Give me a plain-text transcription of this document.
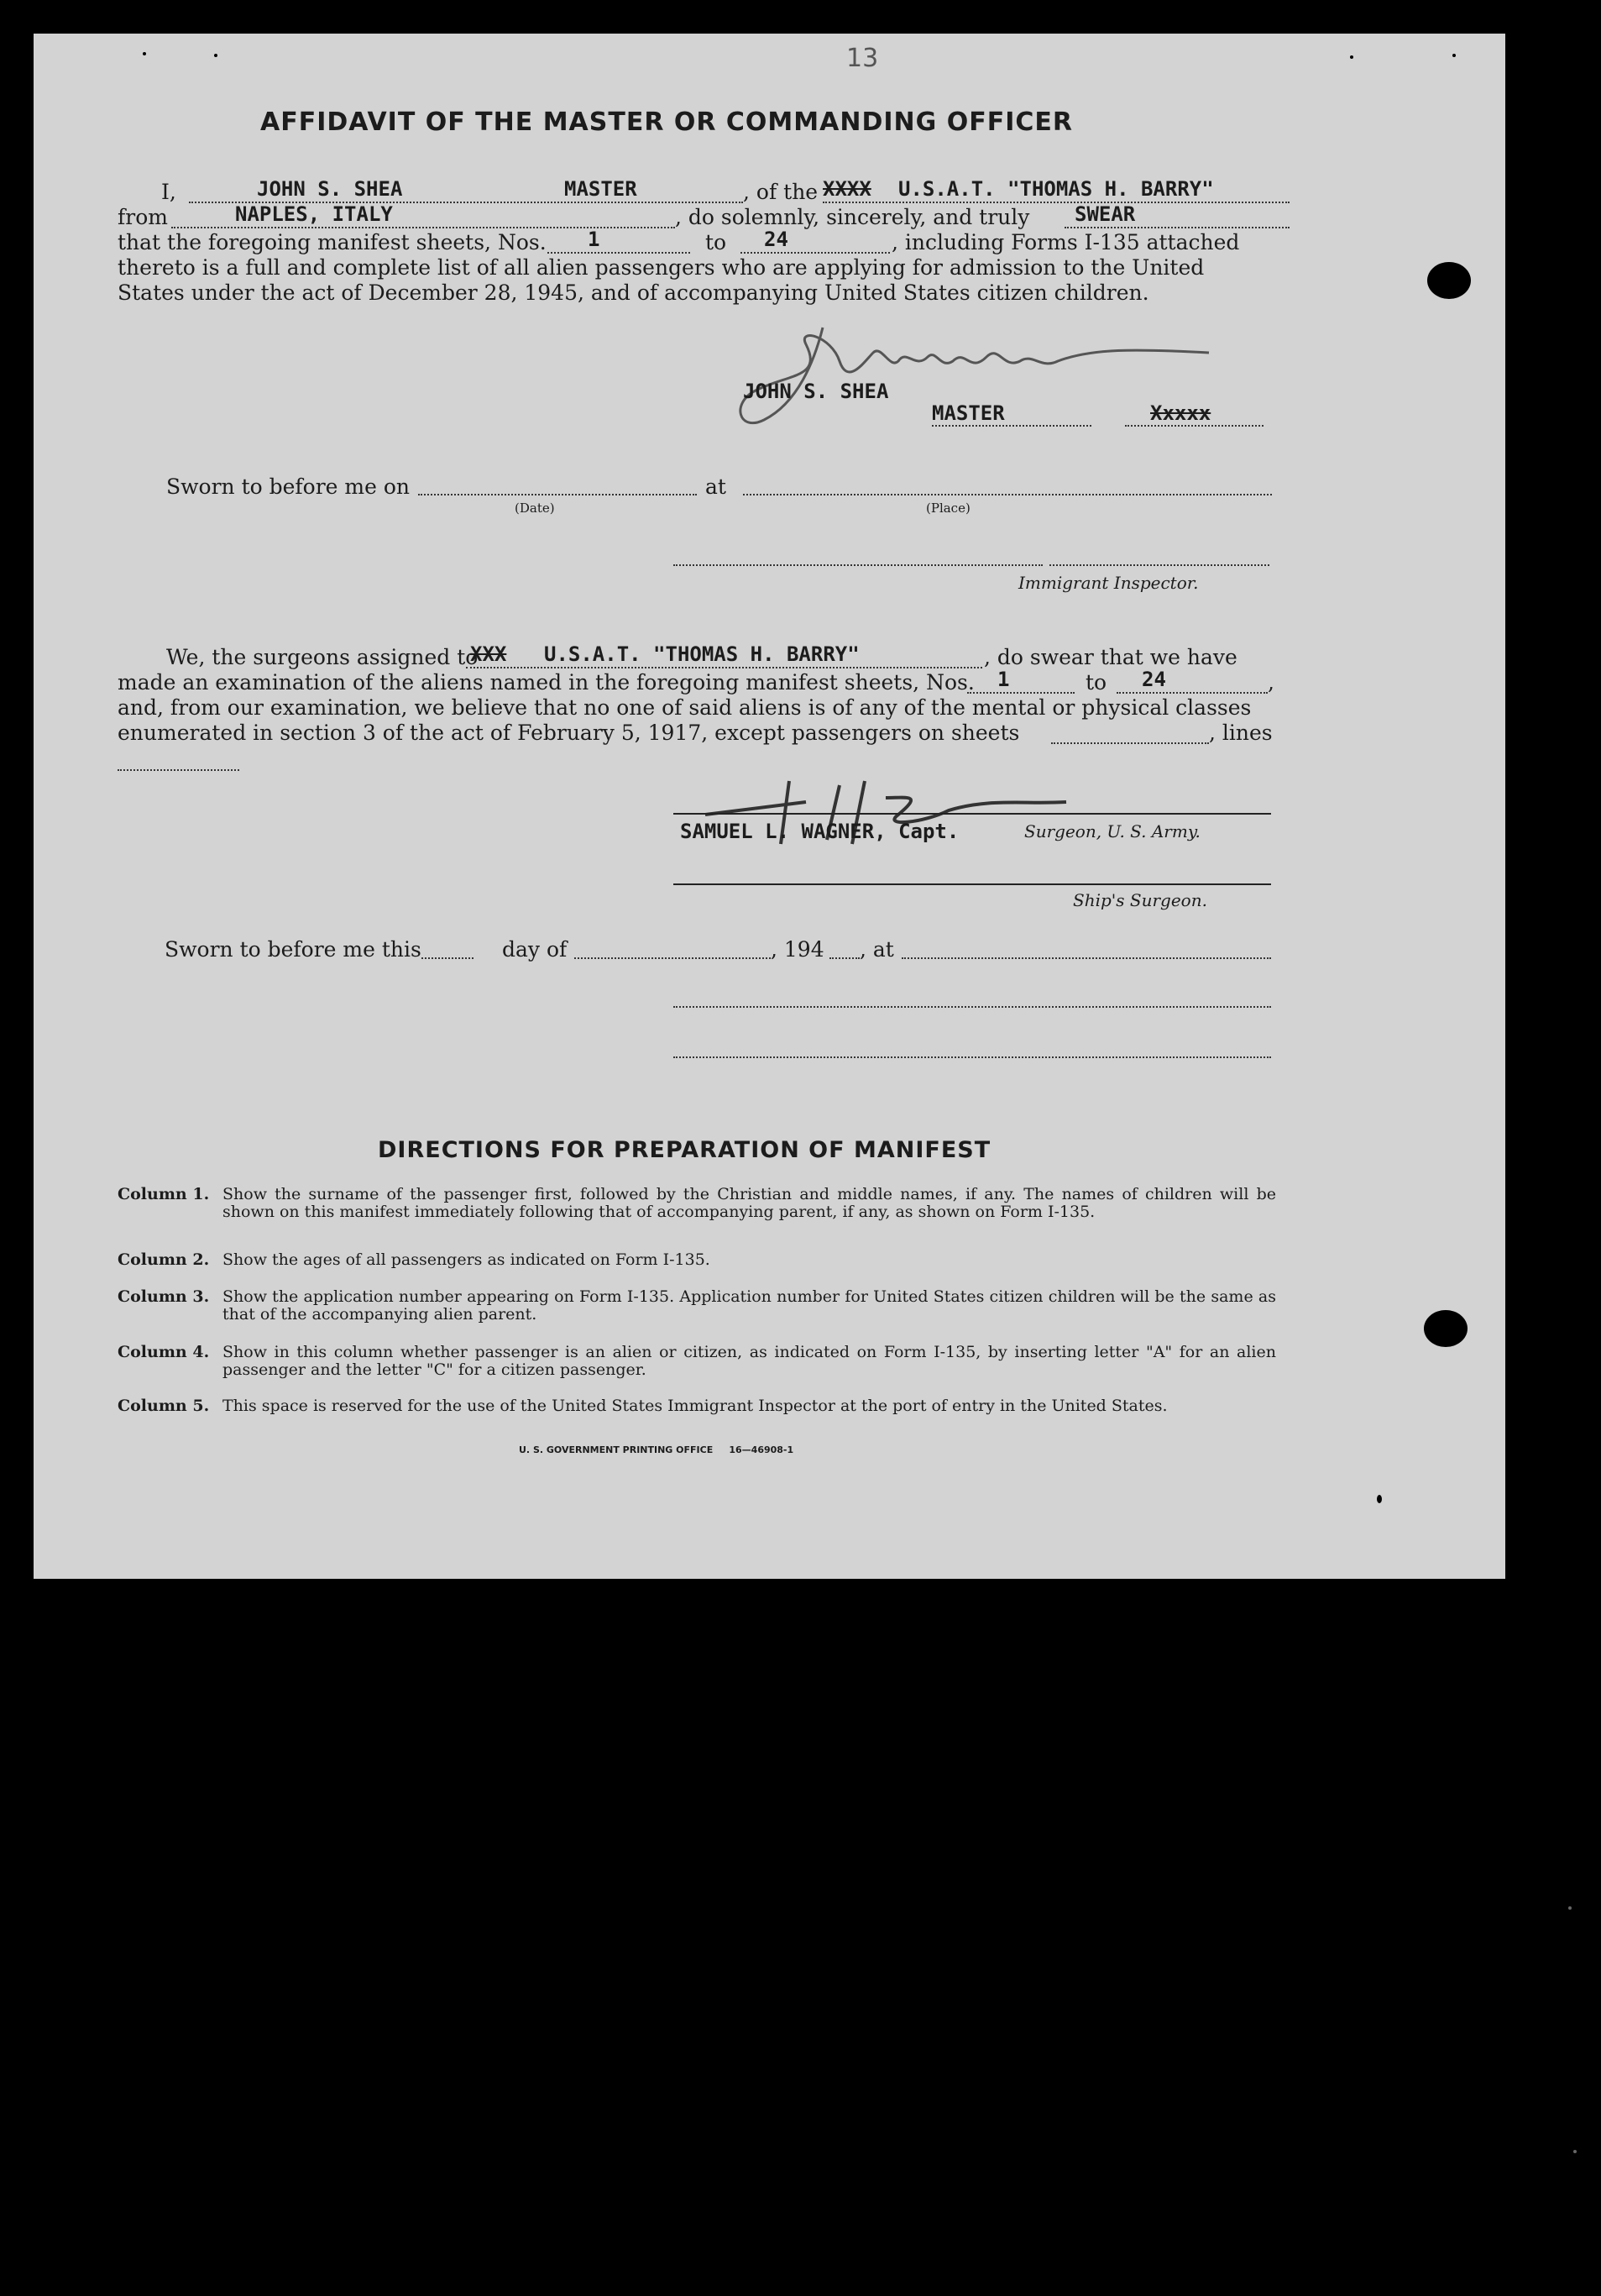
13
AFFIDAVIT OF THE MASTER OR COMMANDING OFFICER
I,	JOHN S. SHEA	MASTER	, of the XXXX U.S.A.T. "THOMAS H. BARRY"
from	NAPLES, ITALY	, do solemnly, sincerely, and truly SWEAR
that the foregoing manifest sheets, Nos. 1	to 24	, including Forms I-135 attached
thereto is a full and complete list of all alien passengers who are applying for admission to the United
States under the act of December 28, 1945, and of accompanying United States citizen children.
JOHN S. SHEA
MASTER	Xxxxx
Sworn to before me on
(Date)
at
(Place)
Immigrant Inspector.
We, the surgeons assigned to
XXX U.S.A.T. "THOMAS H. BARRY"	, do swear that we have
made an examination of the aliens named in the foregoing manifest sheets, Nos. 1	to 24	,
and, from our examination, we believe that no one of said aliens is of any of the mental or physical classes
enumerated in section 3 of the act of February 5, 1917, except passengers on sheets	, lines
SAMUEL L. WAGNER, Capt.	Surgeon, U. S. Army.
Ship's Surgeon.
Sworn to before me this	day of	, 194 , at
DIRECTIONS FOR PREPARATION OF MANIFEST
Column 1. Show the surname of the passenger first, followed by the Christian and middle names, if any. The names of children will be shown on this manifest immediately following that of accompanying parent, if any, as shown on Form I-135.
Column 2. Show the ages of all passengers as indicated on Form I-135.
Column 3. Show the application number appearing on Form I-135. Application number for United States citizen children will be the same as that of the accompanying alien parent.
Column 4. Show in this column whether passenger is an alien or citizen, as indicated on Form I-135, by inserting letter "A" for an alien passenger and the letter "C" for a citizen passenger.
Column 5. This space is reserved for the use of the United States Immigrant Inspector at the port of entry in the United States.
U. S. GOVERNMENT PRINTING OFFICE     16—46908-1
